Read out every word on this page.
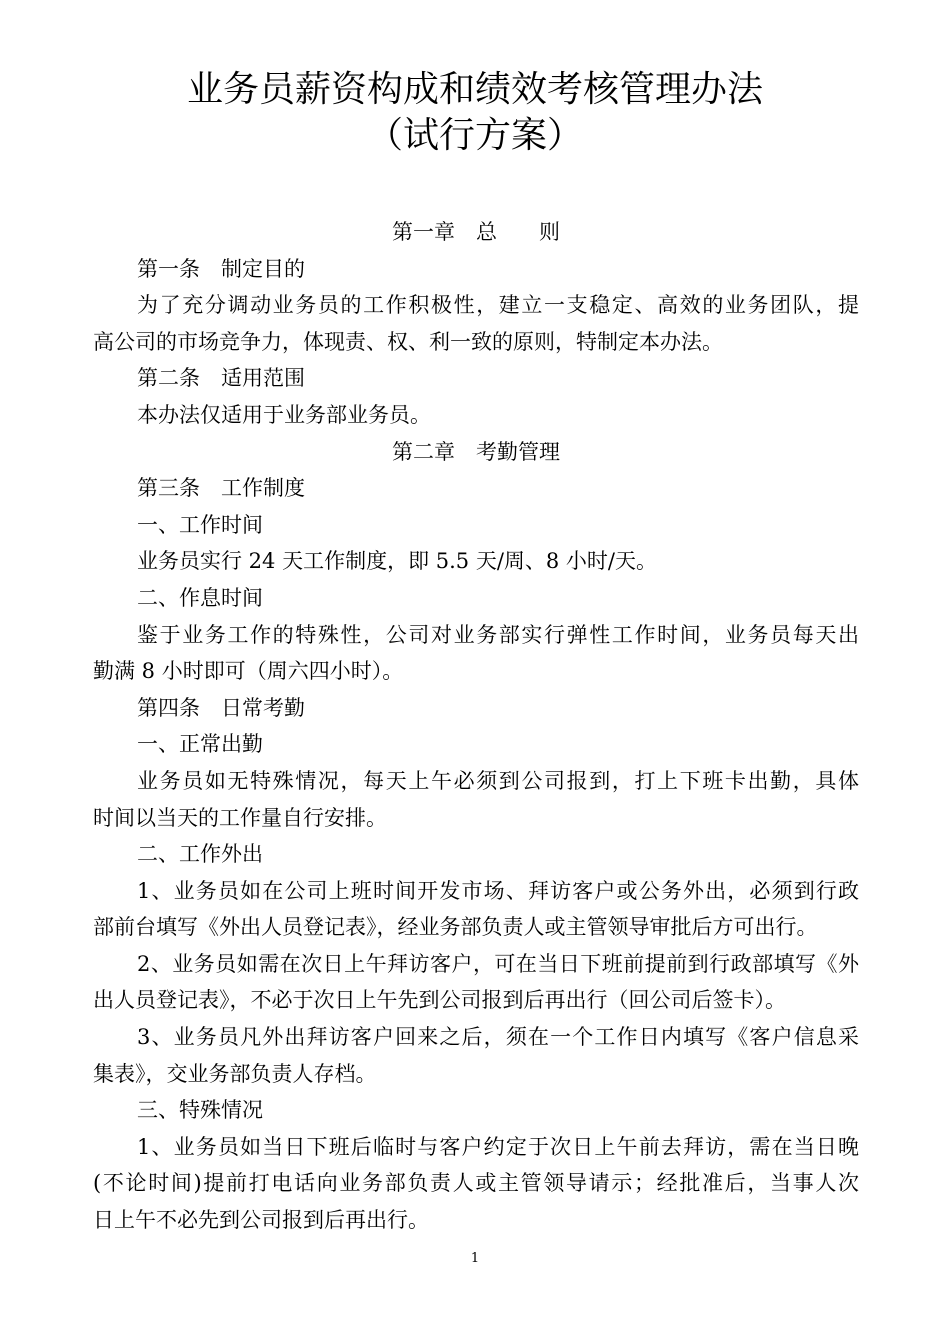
业务员薪资构成和绩效考核管理办法
（试行方案）

第一章　总　　则

第一条　制定目的

为了充分调动业务员的工作积极性，建立一支稳定、高效的业务团队，提

高公司的市场竞争力，体现责、权、利一致的原则，特制定本办法。

第二条　适用范围

本办法仅适用于业务部业务员。

第二章　考勤管理

第三条　工作制度

一、工作时间

业务员实行 24 天工作制度，即 5.5 天/周、8 小时/天。

二、作息时间

鉴于业务工作的特殊性，公司对业务部实行弹性工作时间，业务员每天出

勤满 8 小时即可（周六四小时）。

第四条　日常考勤

一、正常出勤

业务员如无特殊情况，每天上午必须到公司报到，打上下班卡出勤，具体

时间以当天的工作量自行安排。

二、工作外出

1、业务员如在公司上班时间开发市场、拜访客户或公务外出，必须到行政

部前台填写《外出人员登记表》，经业务部负责人或主管领导审批后方可出行。

2、业务员如需在次日上午拜访客户，可在当日下班前提前到行政部填写《外

出人员登记表》，不必于次日上午先到公司报到后再出行（回公司后签卡）。

3、业务员凡外出拜访客户回来之后，须在一个工作日内填写《客户信息采

集表》，交业务部负责人存档。

三、特殊情况

1、业务员如当日下班后临时与客户约定于次日上午前去拜访，需在当日晚

(不论时间)提前打电话向业务部负责人或主管领导请示；经批准后，当事人次

日上午不必先到公司报到后再出行。

1
